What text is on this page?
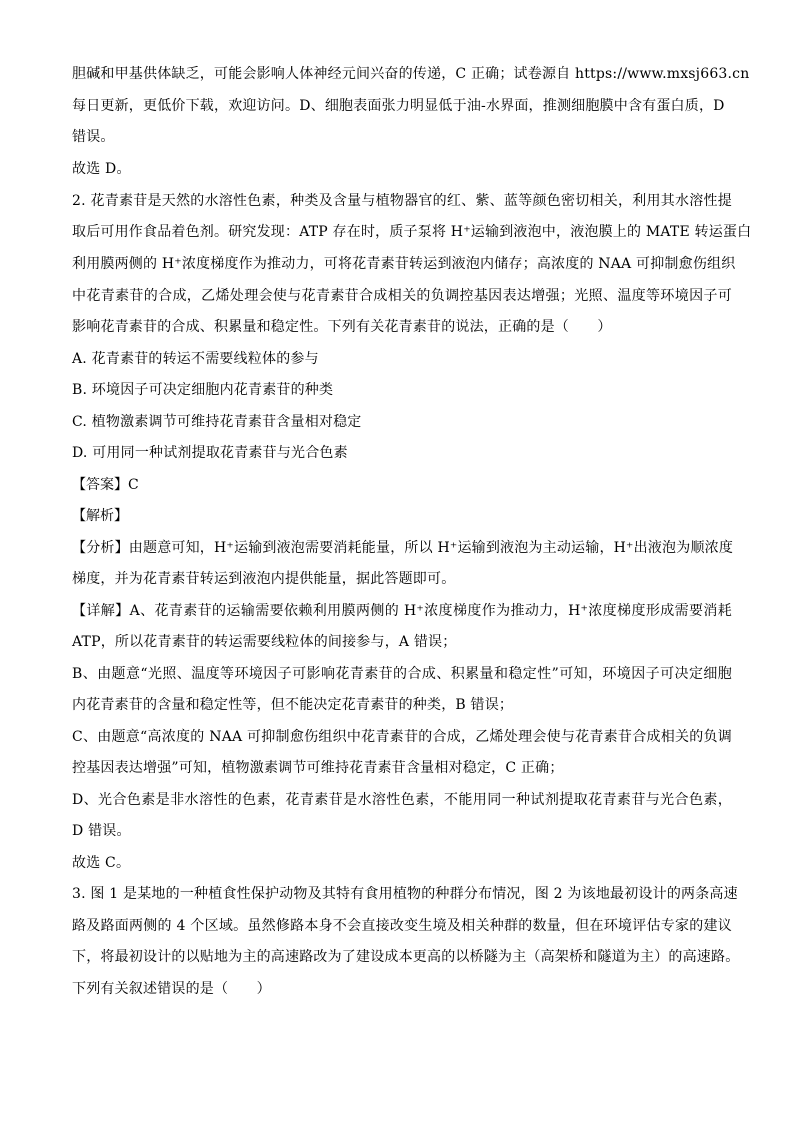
胆碱和甲基供体缺乏，可能会影响人体神经元间兴奋的传递，C 正确；试卷源自 https://www.mxsj663.cn
每日更新，更低价下载，欢迎访问。D、细胞表面张力明显低于油-水界面，推测细胞膜中含有蛋白质，D
错误。
故选 D。
2. 花青素苷是天然的水溶性色素，种类及含量与植物器官的红、紫、蓝等颜色密切相关，利用其水溶性提
取后可用作食品着色剂。研究发现：ATP 存在时，质子泵将 H⁺运输到液泡中，液泡膜上的 MATE 转运蛋白
利用膜两侧的 H⁺浓度梯度作为推动力，可将花青素苷转运到液泡内储存；高浓度的 NAA 可抑制愈伤组织
中花青素苷的合成，乙烯处理会使与花青素苷合成相关的负调控基因表达增强；光照、温度等环境因子可
影响花青素苷的合成、积累量和稳定性。下列有关花青素苷的说法，正确的是（　　）
A. 花青素苷的转运不需要线粒体的参与
B. 环境因子可决定细胞内花青素苷的种类
C. 植物激素调节可维持花青素苷含量相对稳定
D. 可用同一种试剂提取花青素苷与光合色素
【答案】C
【解析】
【分析】由题意可知，H⁺运输到液泡需要消耗能量，所以 H⁺运输到液泡为主动运输，H⁺出液泡为顺浓度
梯度，并为花青素苷转运到液泡内提供能量，据此答题即可。
【详解】A、花青素苷的运输需要依赖利用膜两侧的 H⁺浓度梯度作为推动力，H⁺浓度梯度形成需要消耗
ATP，所以花青素苷的转运需要线粒体的间接参与，A 错误；
B、由题意“光照、温度等环境因子可影响花青素苷的合成、积累量和稳定性”可知，环境因子可决定细胞
内花青素苷的含量和稳定性等，但不能决定花青素苷的种类，B 错误；
C、由题意“高浓度的 NAA 可抑制愈伤组织中花青素苷的合成，乙烯处理会使与花青素苷合成相关的负调
控基因表达增强”可知，植物激素调节可维持花青素苷含量相对稳定，C 正确；
D、光合色素是非水溶性的色素，花青素苷是水溶性色素，不能用同一种试剂提取花青素苷与光合色素，
D 错误。
故选 C。
3. 图 1 是某地的一种植食性保护动物及其特有食用植物的种群分布情况，图 2 为该地最初设计的两条高速
路及路面两侧的 4 个区域。虽然修路本身不会直接改变生境及相关种群的数量，但在环境评估专家的建议
下，将最初设计的以贴地为主的高速路改为了建设成本更高的以桥隧为主（高架桥和隧道为主）的高速路。
下列有关叙述错误的是（　　）
